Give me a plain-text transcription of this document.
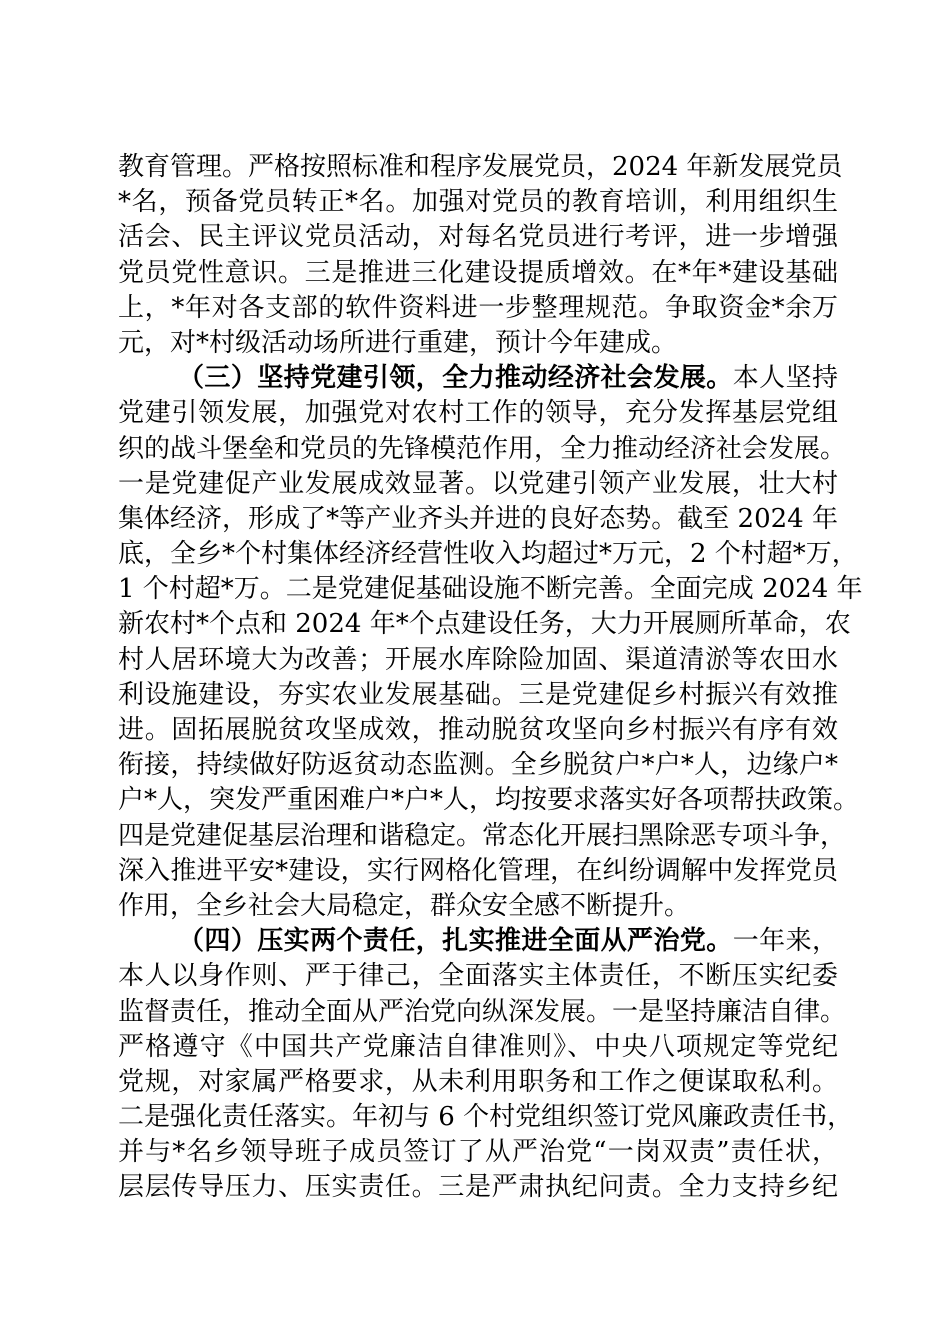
教育管理。严格按照标准和程序发展党员，2024 年新发展党员
*名，预备党员转正*名。加强对党员的教育培训，利用组织生
活会、民主评议党员活动，对每名党员进行考评，进一步增强
党员党性意识。三是推进三化建设提质增效。在*年*建设基础
上，*年对各支部的软件资料进一步整理规范。争取资金*余万
元，对*村级活动场所进行重建，预计今年建成。
（三）坚持党建引领，全力推动经济社会发展。本人坚持
党建引领发展，加强党对农村工作的领导，充分发挥基层党组
织的战斗堡垒和党员的先锋模范作用，全力推动经济社会发展。
一是党建促产业发展成效显著。以党建引领产业发展，壮大村
集体经济，形成了*等产业齐头并进的良好态势。截至 2024 年
底，全乡*个村集体经济经营性收入均超过*万元，2 个村超*万，
1 个村超*万。二是党建促基础设施不断完善。全面完成 2024 年
新农村*个点和 2024 年*个点建设任务，大力开展厕所革命，农
村人居环境大为改善；开展水库除险加固、渠道清淤等农田水
利设施建设，夯实农业发展基础。三是党建促乡村振兴有效推
进。固拓展脱贫攻坚成效，推动脱贫攻坚向乡村振兴有序有效
衔接，持续做好防返贫动态监测。全乡脱贫户*户*人，边缘户*
户*人，突发严重困难户*户*人，均按要求落实好各项帮扶政策。
四是党建促基层治理和谐稳定。常态化开展扫黑除恶专项斗争，
深入推进平安*建设，实行网格化管理，在纠纷调解中发挥党员
作用，全乡社会大局稳定，群众安全感不断提升。
（四）压实两个责任，扎实推进全面从严治党。一年来，
本人以身作则、严于律己，全面落实主体责任，不断压实纪委
监督责任，推动全面从严治党向纵深发展。一是坚持廉洁自律。
严格遵守《中国共产党廉洁自律准则》、中央八项规定等党纪
党规，对家属严格要求，从未利用职务和工作之便谋取私利。
二是强化责任落实。年初与 6 个村党组织签订党风廉政责任书，
并与*名乡领导班子成员签订了从严治党“一岗双责”责任状，
层层传导压力、压实责任。三是严肃执纪问责。全力支持乡纪
